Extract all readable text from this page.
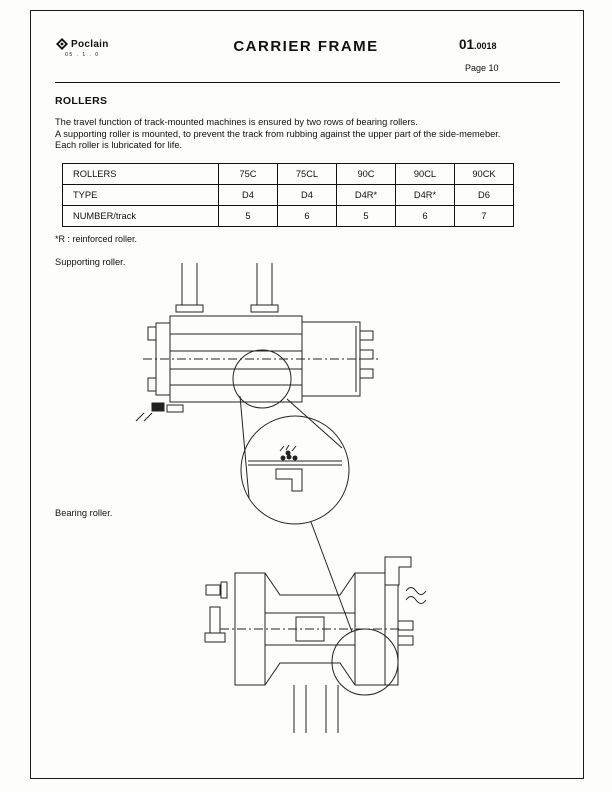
Poclain
05 . 1 . 0	CARRIER FRAME	01.0018
Page 10
ROLLERS
The travel function of track-mounted machines is ensured by two rows of bearing rollers.
A supporting roller is mounted, to prevent the track from rubbing against the upper part of the side-memeber.
Each roller is lubricated for life.
ROLLERS	75C	75CL	90C	90CL	90CK
TYPE	D4	D4	D4R*	D4R*	D6
NUMBER/track	5	6	5	6	7
*R : reinforced roller.
Supporting roller.
Bearing roller.
